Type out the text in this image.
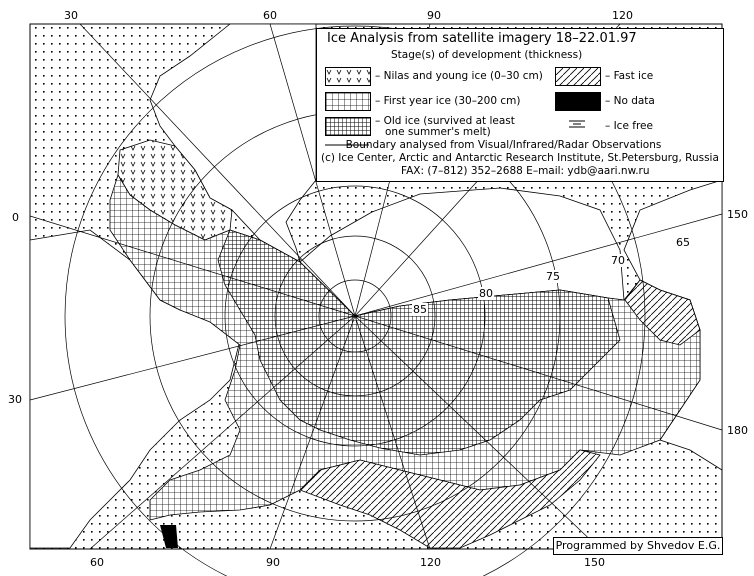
30	60	90	120
0
30
150
180
60	90	120	150
85
80
75
70
65
Ice Analysis from satellite imagery 18–22.01.97
Stage(s) of development (thickness)
– Nilas and young ice (0–30 cm)	– Fast ice
– First year ice (30–200 cm)	– No data
– Old ice (survived at least
one summer's melt)	– Ice free
– Boundary analysed from Visual/Infrared/Radar Observations
(c) Ice Center, Arctic and Antarctic Research Institute, St.Petersburg, Russia
FAX: (7–812) 352–2688 E–mail: ydb@aari.nw.ru
Programmed by Shvedov E.G.
